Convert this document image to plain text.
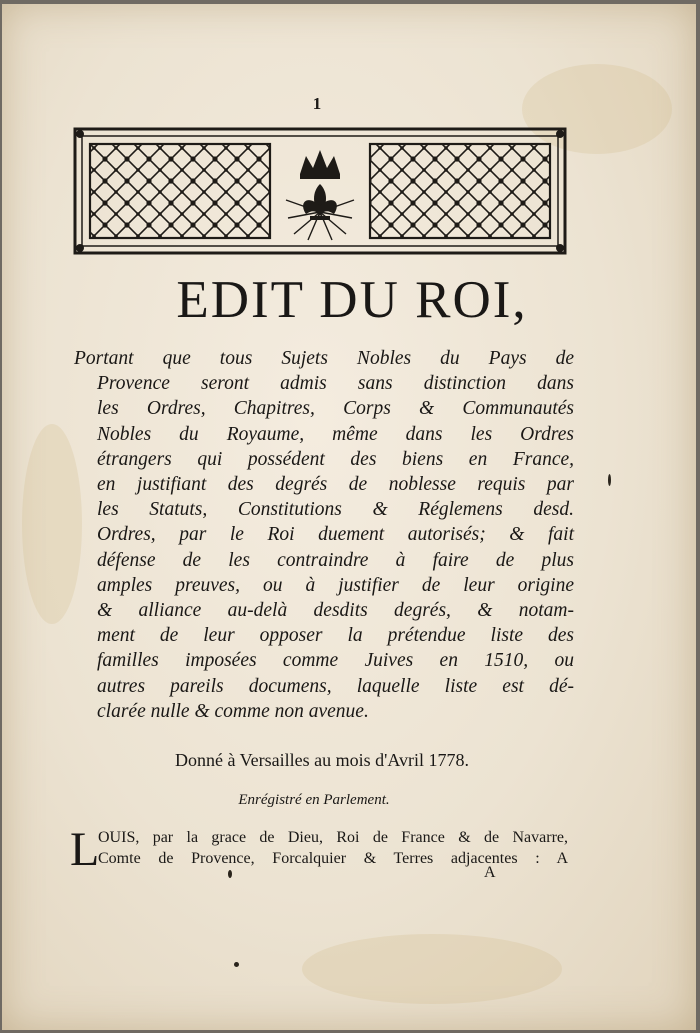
1
EDIT DU ROI,
Portant que tous Sujets Nobles du Pays de
Provence seront admis sans distinction dans
les Ordres, Chapitres, Corps & Communautés
Nobles du Royaume, même dans les Ordres
étrangers qui possédent des biens en France,
en justifiant des degrés de noblesse requis par
les Statuts, Constitutions & Réglemens desd.
Ordres, par le Roi duement autorisés; & fait
défense de les contraindre à faire de plus
amples preuves, ou à justifier de leur origine
& alliance au-delà desdits degrés, & notam-
ment de leur opposer la prétendue liste des
familles imposées comme Juives en 1510, ou
autres pareils documens, laquelle liste est dé-
clarée nulle & comme non avenue.
Donné à Versailles au mois d'Avril 1778.
Enrégistré en Parlement.
L
OUIS, par la grace de Dieu, Roi de France & de Navarre,
Comte de Provence, Forcalquier & Terres adjacentes : A
A
